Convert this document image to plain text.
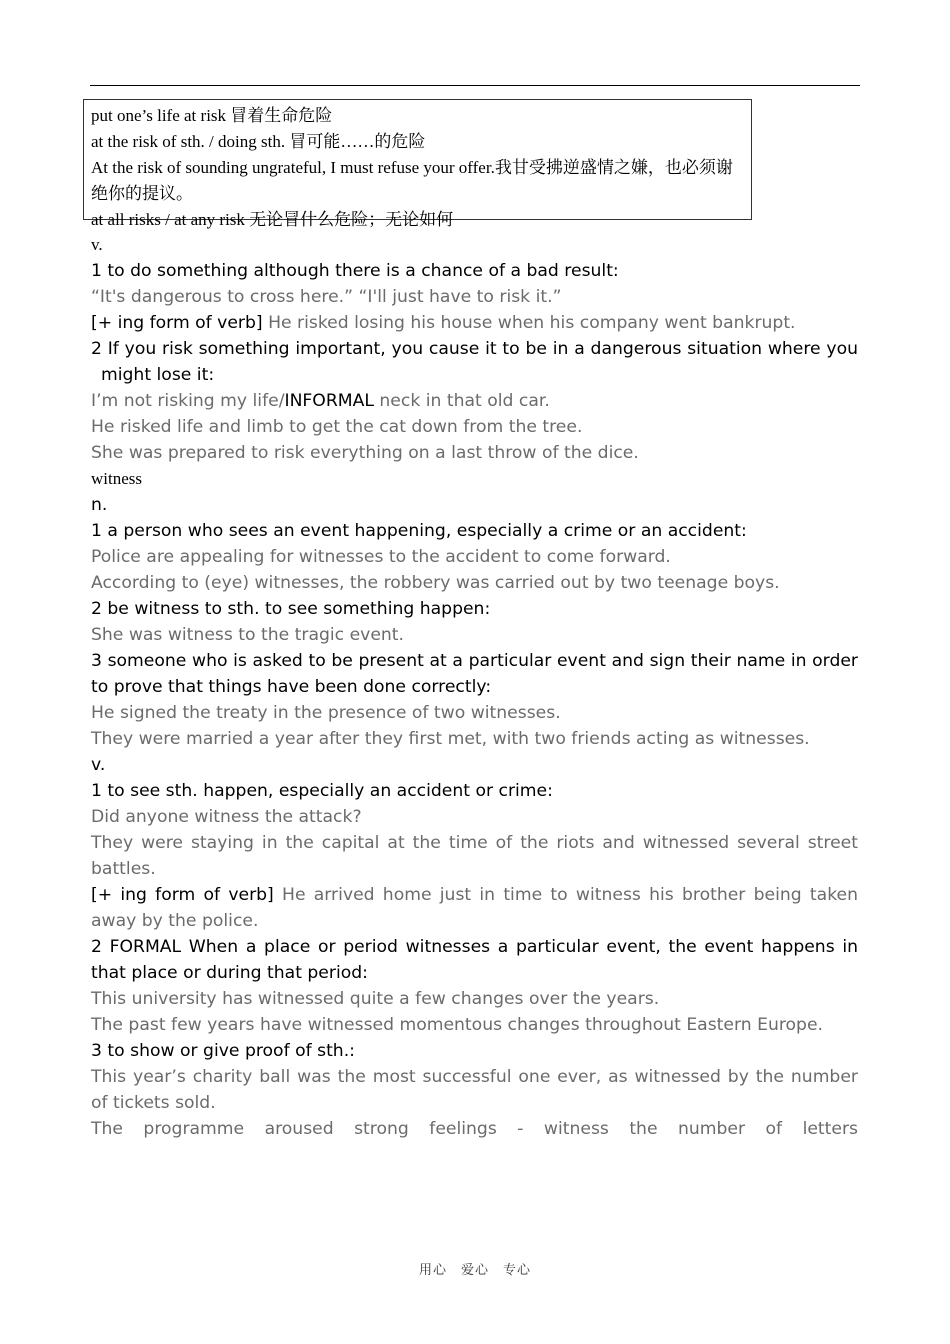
put one’s life at risk 冒着生命危险

at the risk of sth. / doing sth. 冒可能……的危险

At the risk of sounding ungrateful, I must refuse your offer.我甘受拂逆盛情之嫌，也必须谢绝你的提议。

at all risks / at any risk 无论冒什么危险；无论如何

v.

1 to do something although there is a chance of a bad result:

“It's dangerous to cross here.” “I'll just have to risk it.”

[+ ing form of verb] He risked losing his house when his company went bankrupt.

2 If you risk something important, you cause it to be in a dangerous situation where you might lose it:

I’m not risking my life/INFORMAL neck in that old car.

He risked life and limb to get the cat down from the tree.

She was prepared to risk everything on a last throw of the dice.

witness

n.

1 a person who sees an event happening, especially a crime or an accident:

Police are appealing for witnesses to the accident to come forward.

According to (eye) witnesses, the robbery was carried out by two teenage boys.

2 be witness to sth. to see something happen:

She was witness to the tragic event.

3 someone who is asked to be present at a particular event and sign their name in order to prove that things have been done correctly:

He signed the treaty in the presence of two witnesses.

They were married a year after they first met, with two friends acting as witnesses.

v.

1 to see sth. happen, especially an accident or crime:

Did anyone witness the attack?

They were staying in the capital at the time of the riots and witnessed several street battles.

[+ ing form of verb] He arrived home just in time to witness his brother being taken away by the police.

2 FORMAL When a place or period witnesses a particular event, the event happens in that place or during that period:

This university has witnessed quite a few changes over the years.

The past few years have witnessed momentous changes throughout Eastern Europe.

3 to show or give proof of sth.:

This year’s charity ball was the most successful one ever, as witnessed by the number of tickets sold.

The programme aroused strong feelings - witness the number of letters

用心　爱心　专心
